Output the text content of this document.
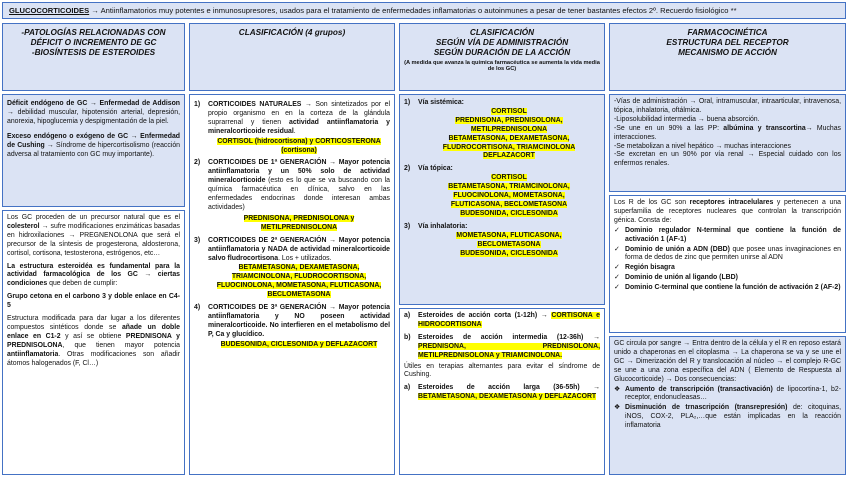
GLUCOCORTICOIDES
→ Antiinflamatorios muy potentes e inmunosupresores, usados para el tratamiento de enfermedades inflamatorias o autoinmunes a pesar de tener bastantes efectos 2º. Recuerdo fisiológico **
-PATOLOGÍAS RELACIONADAS CON
DÉFICIT O INCREMENTO DE GC
-BIOSÍNTESIS DE ESTEROIDES

Déficit endógeno de GC → Enfermedad de Addison → debilidad muscular, hipotensión arterial, depresión, anorexia, hipoglucemia y despigmentación de la piel.

Exceso endógeno o exógeno de GC → Enfermedad de Cushing → Síndrome de hipercortisolismo (reacción adversa al tratamiento con GC muy importante).

Los GC proceden de un precursor natural que es el colesterol → sufre modificaciones enzimáticas basadas en hidroxilaciones → PREGNENOLONA que será el precursor de la síntesis de progesterona, aldosterona, cortisol, cortisona, testosterona, estrógenos, etc…

La estructura esteroidéa es fundamental para la actividad farmacológica de los GC → ciertas condiciones que deben de cumplir:

Grupo cetona en el carbono 3 y doble enlace en C4-5

Estructura modificada para dar lugar a los diferentes compuestos sintéticos donde se añade un doble enlace en C1-2 y así se obtiene PREDNISONA y PREDNISOLONA, que tienen mayor potencia antiinflamatoria. Otras modificaciones son añadir átomos halogenados (F, Cl…)

CLASIFICACIÓN (4 grupos)
1)	CORTICOIDES NATURALES → Son sintetizados por el propio organismo en en la corteza de la glándula suprarrenal y tienen actividad antiinflamatoria y mineralcorticoide residual.
CORTISOL (hidrocortisona) y CORTICOSTERONA (cortisona)
2)	CORTICOIDES DE 1ª GENERACIÓN → Mayor potencia antiinflamatoria y un 50% solo de actividad mineralcorticoide (esto es lo que se va buscando con la química farmacéutica en clínica, salvo en las enfermedades endocrinas donde interesan ambas actividades)
PREDNISONA, PREDNISOLONA y METILPREDNISOLONA
3)	CORTICOIDES DE 2ª GENERACIÓN → Mayor potencia antiinflamatoria y NADA de actividad mineralcorticoide salvo fludrocortisona. Los + utilizados.
BETAMETASONA, DEXAMETASONA, TRIAMCINOLONA, FLUDROCORTISONA, FLUOCINOLONA, MOMETASONA, FLUTICASONA, BECLOMETASONA
4)	CORTICOIDES DE 3ª GENERACIÓN → Mayor potencia antiinflamatoria y NO poseen actividad mineralcorticoide. No interfieren en el metabolismo del P, Ca y glucídico.
BUDESONIDA, CICLESONIDA y DEFLAZACORT
CLASIFICACIÓN
SEGÚN VÍA DE ADMINISTRACIÓN
SEGÚN DURACIÓN DE LA ACCIÓN
(A medida que avanza la química farmacéutica se aumenta la vida media de los GC)
1)	Vía sistémica:
CORTISOL
PREDNISONA, PREDNISOLONA,
METILPREDNISOLONA
BETAMETASONA, DEXAMETASONA,
FLUDROCORTISONA, TRIAMCINOLONA
DEFLAZACORT
2)	Vía tópica:
CORTISOL
BETAMETASONA, TRIAMCINOLONA,
FLUOCINOLONA, MOMETASONA,
FLUTICASONA, BECLOMETASONA
BUDESONIDA, CICLESONIDA
3)	Vía inhalatoria:
MOMETASONA, FLUTICASONA,
BECLOMETASONA
BUDESONIDA, CICLESONIDA
a)	Esteroides de acción corta (1-12h) → CORTISONA e HIDROCORTISONA
b)	Esteroides de acción intermedia (12-36h) → PREDNISONA, PREDNISOLONA, METILPREDNISOLONA y TRIAMCINOLONA.

Útiles en terapias alternantes para evitar el síndrome de Cushing.

a)	Esteroides de acción larga (36-55h) → BETAMETASONA, DEXAMETASONA y DEFLAZACORT
FARMACOCINÉTICA
ESTRUCTURA DEL RECEPTOR
MECANISMO DE ACCIÓN
-Vías de administración → Oral, intramuscular, intraarticular, intravenosa, tópica, inhalatoria, oftálmica.
-Liposolubilidad intermedia → buena absorción.
-Se une en un 90% a las PP: albúmina y transcortina→ Muchas interacciones.
-Se metabolizan a nivel hepático → muchas interacciones
-Se excretan en un 90% por vía renal → Especial cuidado con los enfermos renales.
Los R de los GC son receptores intracelulares y pertenecen a una superfamilia de receptores nucleares que controlan la transcripción génica. Consta de:
✓ Dominio regulador N-terminal que contiene la función de activación 1 (AF-1)
✓ Dominio de unión a ADN (DBD) que posee unas invaginaciones en forma de dedos de zinc que permiten unirse al ADN
✓ Región bisagra
✓ Dominio de unión al ligando (LBD)
✓ Dominio C-terminal que contiene la función de activación 2 (AF-2)
GC circula por sangre → Entra dentro de la célula y el R en reposo estará unido a chaperonas en el citoplasma → La chaperona se va y se une el GC → Dimerización del R y translocación al núcleo → el complejo R-GC se une a una zona específica del ADN ( Elemento de Respuesta al Glucocorticoide) → Dos consecuencias:
❖ Aumento de transcripción (transactivación) de lipocortina-1, b2-receptor, endonucleasas…
❖ Disminución de trnascripción (transrepresión) de: citoquinas, iNOS, COX-2, PLA₂,…que están implicadas en la reacción inflamatoria
